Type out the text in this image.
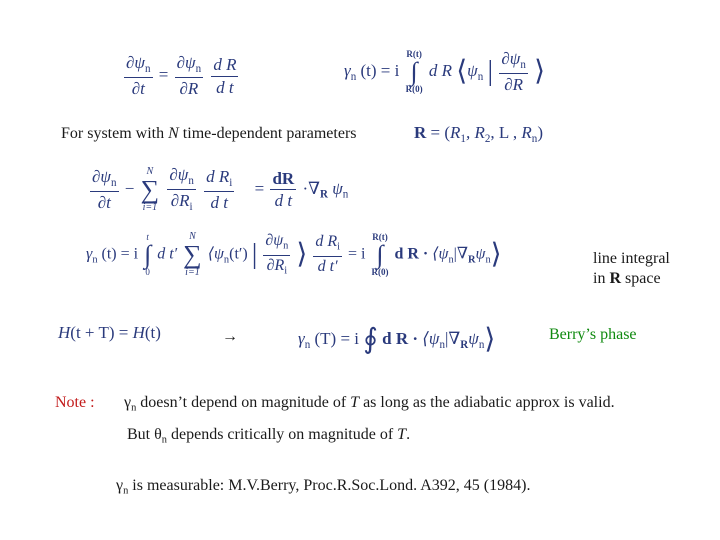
$\frac{\partial\psi_n}{\partial t} = \frac{\partial\psi_n}{\partial R}$
$\frac{\text{d R}}{\text{d t}}$	$\gamma_n$ (t) = i
R(t)
∫
R(0)
d R $⟨\psi_n$ | $\frac{\partial\psi_n}{\partial R}$ ⟩
For system with N time-dependent parameters	$R = (R_1$, $R_2$, L , $R_n$)
$\frac{\partial\psi_n}{\partial t}$ −
N
∑
i=1
$\frac{\partial\psi_n}{\partial R_i}$
$\frac{d R_i}{\text{d t}} = \frac{dR}{\text{d t}} \cdot\nabla_R$ $\psi_n$
$\gamma_n$ (t) = i
t
∫
0
d t′
N
∑
i=1
$⟨\psi_n(t')$ | $\frac{\partial\psi_n}{\partial R_i}$ ⟩ $\frac{d R_i}{\text{d t′}} = i$
R(t)
∫
R(0)
d $R \cdot ⟨\psi_n|\nabla_R\psi_n⟩$	line integral
in R space
H(t + T) = H(t)	→	$\gamma_n$ (T) = i ∮ d $R \cdot ⟨\psi_n|\nabla_R\psi_n⟩$	Berry’s phase
Note : $\gamma_n$ doesn’t depend on magnitude of T as long as the adiabatic approx is valid.
But $\theta_n$ depends critically on magnitude of T.
$\gamma_n$ is measurable: M.V.Berry, Proc.R.Soc.Lond. A392, 45 (1984).
